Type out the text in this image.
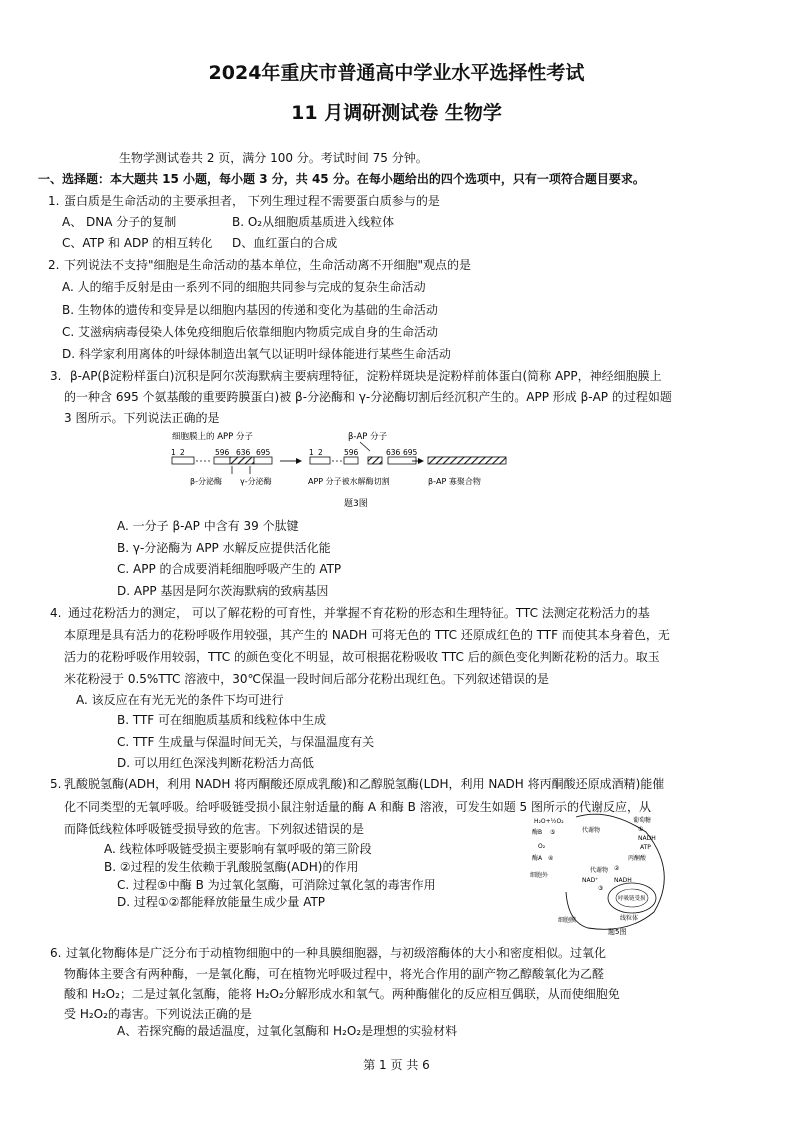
2024年重庆市普通高中学业水平选择性考试
11 月调研测试卷 生物学
生物学测试卷共 2 页，满分 100 分。考试时间 75 分钟。
一、选择题：本大题共 15 小题，每小题 3 分，共 45 分。在每小题给出的四个选项中，只有一项符合题目要求。
1. 蛋白质是生命活动的主要承担者， 下列生理过程不需要蛋白质参与的是
A、 DNA 分子的复制	B. O₂从细胞质基质进入线粒体
C、ATP 和 ADP 的相互转化 D、血红蛋白的合成
2. 下列说法不支持"细胞是生命活动的基本单位，生命活动离不开细胞"观点的是
A. 人的缩手反射是由一系列不同的细胞共同参与完成的复杂生命活动
B. 生物体的遗传和变异是以细胞内基因的传递和变化为基础的生命活动
C. 艾滋病病毒侵染人体免疫细胞后依靠细胞内物质完成自身的生命活动
D. 科学家利用离体的叶绿体制造出氧气以证明叶绿体能进行某些生命活动
3. β-AP(β淀粉样蛋白)沉积是阿尔茨海默病主要病理特征，淀粉样斑块是淀粉样前体蛋白(简称 APP，神经细胞膜上
的一种含 695 个氨基酸的重要跨膜蛋白)被 β-分泌酶和 γ-分泌酶切割后经沉积产生的。APP 形成 β-AP 的过程如题
3 图所示。下列说法正确的是
细胞膜上的 APP 分子	β-AP 分子
1 2	596 636 695
β-分泌酶 γ-分泌酶
1 2	596	636 695
APP 分子被水解酶切割	β-AP 寡聚合物
题3图
A. 一分子 β-AP 中含有 39 个肽键
B. γ-分泌酶为 APP 水解反应提供活化能
C. APP 的合成要消耗细胞呼吸产生的 ATP
D. APP 基因是阿尔茨海默病的致病基因
4. 通过花粉活力的测定， 可以了解花粉的可育性，并掌握不育花粉的形态和生理特征。TTC 法测定花粉活力的基
本原理是具有活力的花粉呼吸作用较强，其产生的 NADH 可将无色的 TTC 还原成红色的 TTF 而使其本身着色，无
活力的花粉呼吸作用较弱，TTC 的颜色变化不明显，故可根据花粉吸收 TTC 后的颜色变化判断花粉的活力。取玉
米花粉浸于 0.5%TTC 溶液中，30℃保温一段时间后部分花粉出现红色。下列叙述错误的是
A. 该反应在有光无光的条件下均可进行
B. TTF 可在细胞质基质和线粒体中生成
C. TTF 生成量与保温时间无关，与保温温度有关
D. 可以用红色深浅判断花粉活力高低
5. 乳酸脱氢酶(ADH，利用 NADH 将丙酮酸还原成乳酸)和乙醇脱氢酶(LDH，利用 NADH 将丙酮酸还原成酒精)能催
化不同类型的无氧呼吸。给呼吸链受损小鼠注射适量的酶 A 和酶 B 溶液，可发生如题 5 图所示的代谢反应，从
而降低线粒体呼吸链受损导致的危害。下列叙述错误的是
A. 线粒体呼吸链受损主要影响有氧呼吸的第三阶段
B. ②过程的发生依赖于乳酸脱氢酶(ADH)的作用
C. 过程⑤中酶 B 为过氧化氢酶，可消除过氧化氢的毒害作用
D. 过程①②都能释放能量生成少量 ATP
H₂O+½O₂
酶B ⑤
O₂
酶A ④
代谢物
葡萄糖
①
NADH
ATP
丙酮酸
代谢物 ②
NAD⁺	NADH
③
呼吸链受损
线粒体
细胞膜
细胞外
题5图
6. 过氧化物酶体是广泛分布于动植物细胞中的一种具膜细胞器，与初级溶酶体的大小和密度相似。过氧化
物酶体主要含有两种酶，一是氧化酶，可在植物光呼吸过程中，将光合作用的副产物乙醇酸氧化为乙醛
酸和 H₂O₂；二是过氧化氢酶，能将 H₂O₂分解形成水和氧气。两种酶催化的反应相互偶联，从而使细胞免
受 H₂O₂的毒害。下列说法正确的是
A、若探究酶的最适温度，过氧化氢酶和 H₂O₂是理想的实验材料
第 1 页 共 6
